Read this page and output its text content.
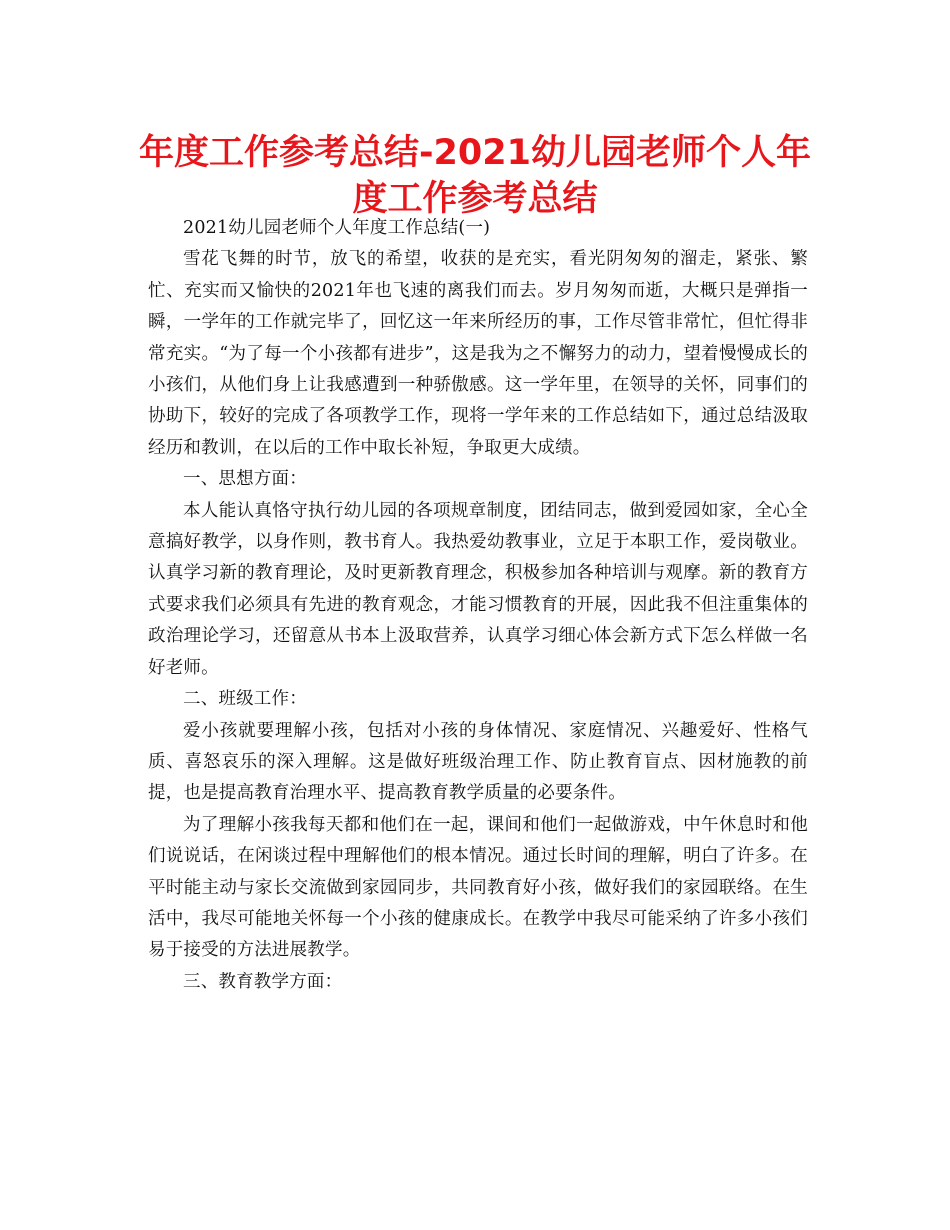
年度工作参考总结-2021幼儿园老师个人年度工作参考总结

2021幼儿园老师个人年度工作总结(一)

雪花飞舞的时节，放飞的希望，收获的是充实，看光阴匆匆的溜走，紧张、繁忙、充实而又愉快的2021年也飞速的离我们而去。岁月匆匆而逝，大概只是弹指一瞬，一学年的工作就完毕了，回忆这一年来所经历的事，工作尽管非常忙，但忙得非常充实。“为了每一个小孩都有进步”，这是我为之不懈努力的动力，望着慢慢成长的小孩们，从他们身上让我感遭到一种骄傲感。这一学年里，在领导的关怀，同事们的协助下，较好的完成了各项教学工作，现将一学年来的工作总结如下，通过总结汲取经历和教训，在以后的工作中取长补短，争取更大成绩。

一、思想方面：

本人能认真恪守执行幼儿园的各项规章制度，团结同志，做到爱园如家，全心全意搞好教学，以身作则，教书育人。我热爱幼教事业，立足于本职工作，爱岗敬业。认真学习新的教育理论，及时更新教育理念，积极参加各种培训与观摩。新的教育方式要求我们必须具有先进的教育观念，才能习惯教育的开展，因此我不但注重集体的政治理论学习，还留意从书本上汲取营养，认真学习细心体会新方式下怎么样做一名好老师。

二、班级工作：

爱小孩就要理解小孩，包括对小孩的身体情况、家庭情况、兴趣爱好、性格气质、喜怒哀乐的深入理解。这是做好班级治理工作、防止教育盲点、因材施教的前提，也是提高教育治理水平、提高教育教学质量的必要条件。

为了理解小孩我每天都和他们在一起，课间和他们一起做游戏，中午休息时和他们说说话，在闲谈过程中理解他们的根本情况。通过长时间的理解，明白了许多。在平时能主动与家长交流做到家园同步，共同教育好小孩，做好我们的家园联络。在生活中，我尽可能地关怀每一个小孩的健康成长。在教学中我尽可能采纳了许多小孩们易于接受的方法进展教学。

三、教育教学方面：
